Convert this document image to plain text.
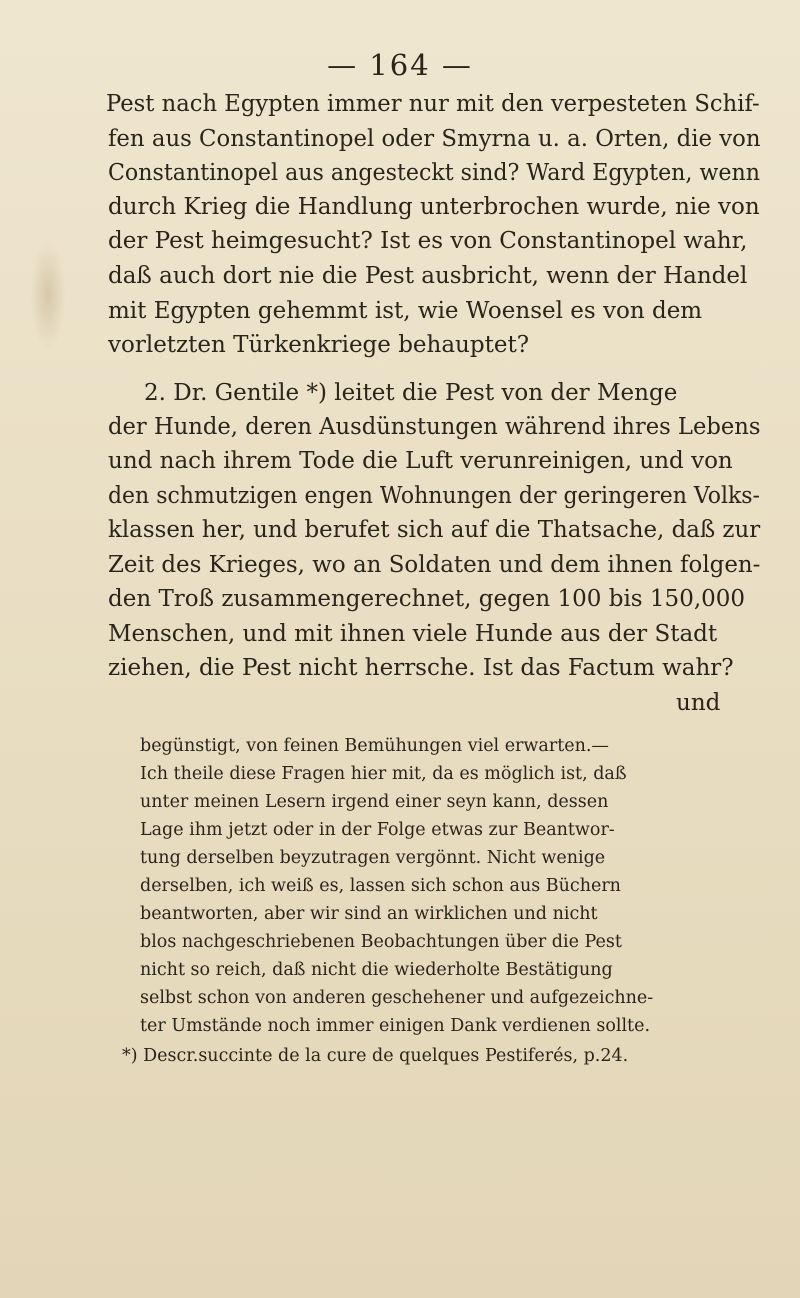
— 164 —
Pest nach Egypten immer nur mit den verpesteten Schif-
fen aus Constantinopel oder Smyrna u. a. Orten, die von
Constantinopel aus angesteckt sind? Ward Egypten, wenn
durch Krieg die Handlung unterbrochen wurde, nie von
der Pest heimgesucht? Ist es von Constantinopel wahr,
daß auch dort nie die Pest ausbricht, wenn der Handel
mit Egypten gehemmt ist, wie Woensel es von dem
vorletzten Türkenkriege behauptet?
2. Dr. Gentile *) leitet die Pest von der Menge
der Hunde, deren Ausdünstungen während ihres Lebens
und nach ihrem Tode die Luft verunreinigen, und von
den schmutzigen engen Wohnungen der geringeren Volks-
klassen her, und berufet sich auf die Thatsache, daß zur
Zeit des Krieges, wo an Soldaten und dem ihnen folgen-
den Troß zusammengerechnet, gegen 100 bis 150,000
Menschen, und mit ihnen viele Hunde aus der Stadt
ziehen, die Pest nicht herrsche. Ist das Factum wahr?
und
begünstigt, von feinen Bemühungen viel erwarten.—
Ich theile diese Fragen hier mit, da es möglich ist, daß
unter meinen Lesern irgend einer seyn kann, dessen
Lage ihm jetzt oder in der Folge etwas zur Beantwor-
tung derselben beyzutragen vergönnt. Nicht wenige
derselben, ich weiß es, lassen sich schon aus Büchern
beantworten, aber wir sind an wirklichen und nicht
blos nachgeschriebenen Beobachtungen über die Pest
nicht so reich, daß nicht die wiederholte Bestätigung
selbst schon von anderen geschehener und aufgezeichne-
ter Umstände noch immer einigen Dank verdienen sollte.
*) Descr.succinte de la cure de quelques Pestiferés, p.24.
